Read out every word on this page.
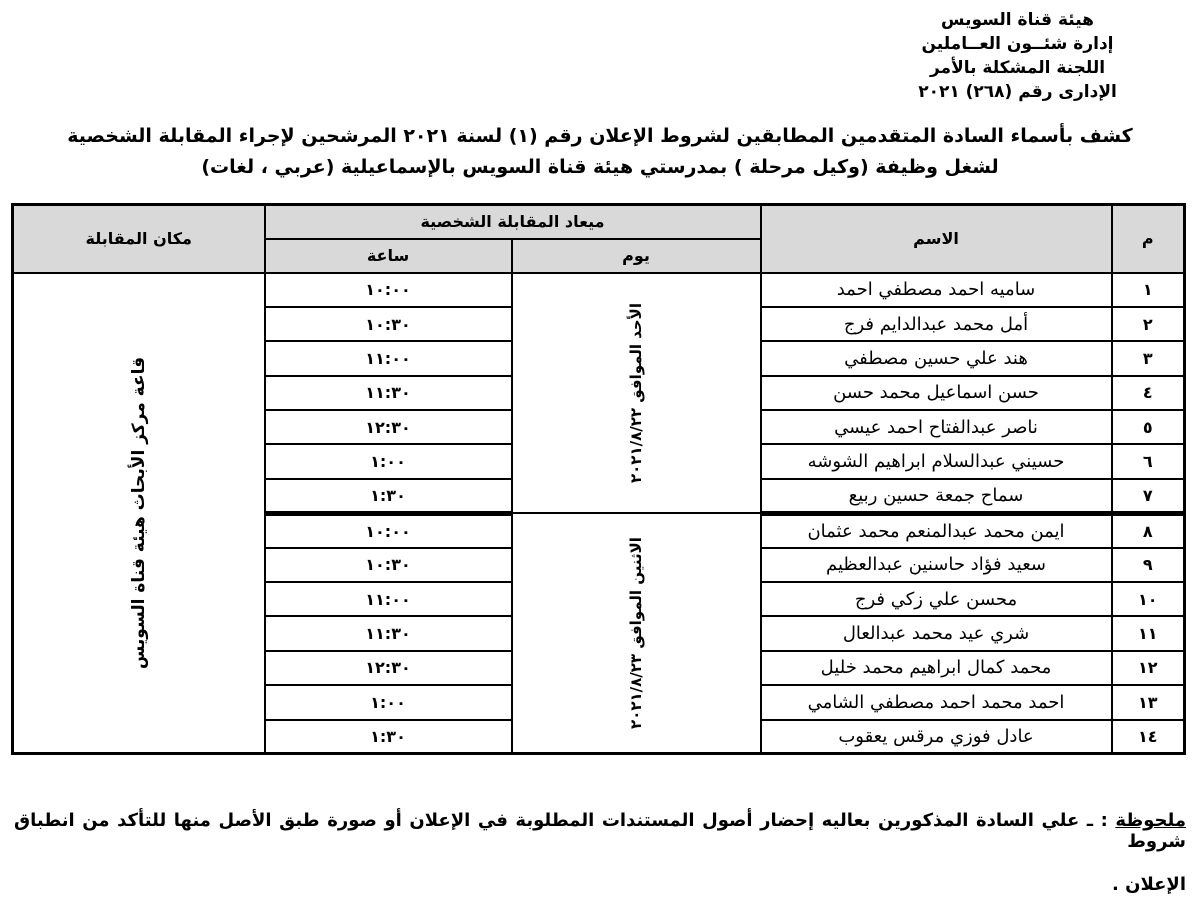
هيئة قناة السويس
إدارة شئــون العــاملين
اللجنة المشكلة بالأمر
الإدارى رقم (٢٦٨) ٢٠٢١
كشف بأسماء السادة المتقدمين المطابقين لشروط الإعلان رقم (١) لسنة ٢٠٢١ المرشحين لإجراء المقابلة الشخصية
لشغل وظيفة (وكيل مرحلة ) بمدرستي هيئة قناة السويس بالإسماعيلية (عربي ، لغات)
م	الاسم	ميعاد المقابلة الشخصية		مكان المقابلة
		يوم	ساعة	
١	ساميه احمد مصطفي احمد	الأحد الموافق ٢٠٢١/٨/٢٢	١٠:٠٠	قاعة مركز الأبحاث هيئة قناة السويس

٢	أمل محمد عبدالدايم فرج		١٠:٣٠	
٣	هند علي حسين مصطفي		١١:٠٠	
٤	حسن اسماعيل محمد حسن		١١:٣٠	
٥	ناصر عبدالفتاح احمد عيسي		١٢:٣٠	
٦	حسيني عبدالسلام ابراهيم الشوشه		١:٠٠	
٧	سماح جمعة حسين ربيع		١:٣٠	
٨	ايمن محمد عبدالمنعم محمد عثمان	الاثنين الموافق ٢٠٢١/٨/٢٣	١٠:٠٠	
٩	سعيد فؤاد حاسنين عبدالعظيم		١٠:٣٠	
١٠	محسن علي زكي فرج		١١:٠٠	
١١	شري عيد محمد عبدالعال		١١:٣٠	
١٢	محمد كمال ابراهيم محمد خليل		١٢:٣٠	
١٣	احمد محمد احمد مصطفي الشامي		١:٠٠	
١٤	عادل فوزي مرقس يعقوب		١:٣٠	
ملحوظة : ـ علي السادة المذكورين بعاليه إحضار أصول المستندات المطلوبة في الإعلان أو صورة طبق الأصل منها للتأكد من انطباق شروط
الإعلان .
